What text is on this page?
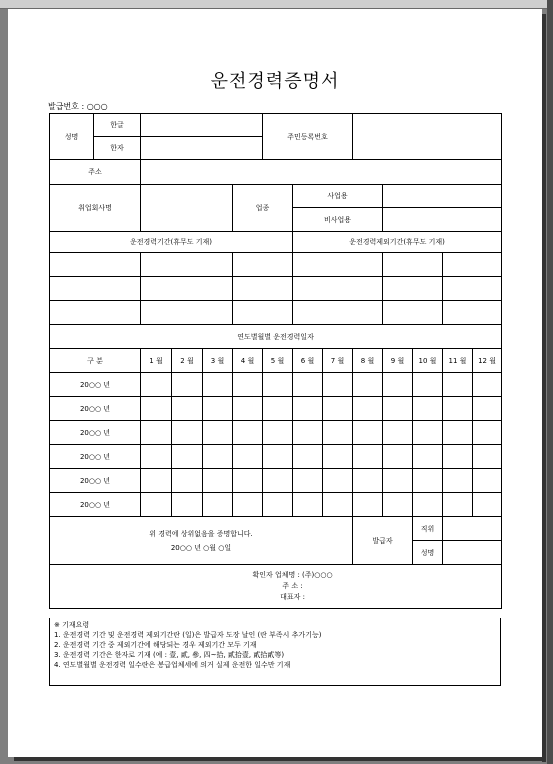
운전경력증명서
발급번호 : ○○○
성명	한글					주민등록번호							
	한자												
주소													
취업회사명					업종		사업용						
							비사업용						
운전경력기간(휴무도 기재)							운전경력제외기간(휴무도 기재)						

연도별월별 운전경력일자													
구 분		1 월	2 월	3 월	4 월	5 월	6 월	7 월	8 월	9 월	10 월	11 월	12 월
20○○ 년													
20○○ 년													
20○○ 년													
20○○ 년													
20○○ 년													
20○○ 년													

위 경력에 상위없음을 증명합니다.
20○○ 년 ○월 ○일									발급자		직위		
											성명		

확인자 업체명 : (주)○○○
주 소 :
대표자 :													
※ 기재요령
1. 운전경력 기간 및 운전경력 제외기간란 (일)은 발급자 도장 날인 (란 부족시 추가기능)
2. 운전경력 기간 중 제외기간에 해당되는 경우 제외기간 모두 기재
3. 운전경력 기간은 한자로 기재 (예 : 壹, 貳, 參, 四~拾, 貳拾壹, 貳拾貳等)
4. 연도별월별 운전경력 일수란은 봉급업체세에 의거 실제 운전한 일수만 기재
